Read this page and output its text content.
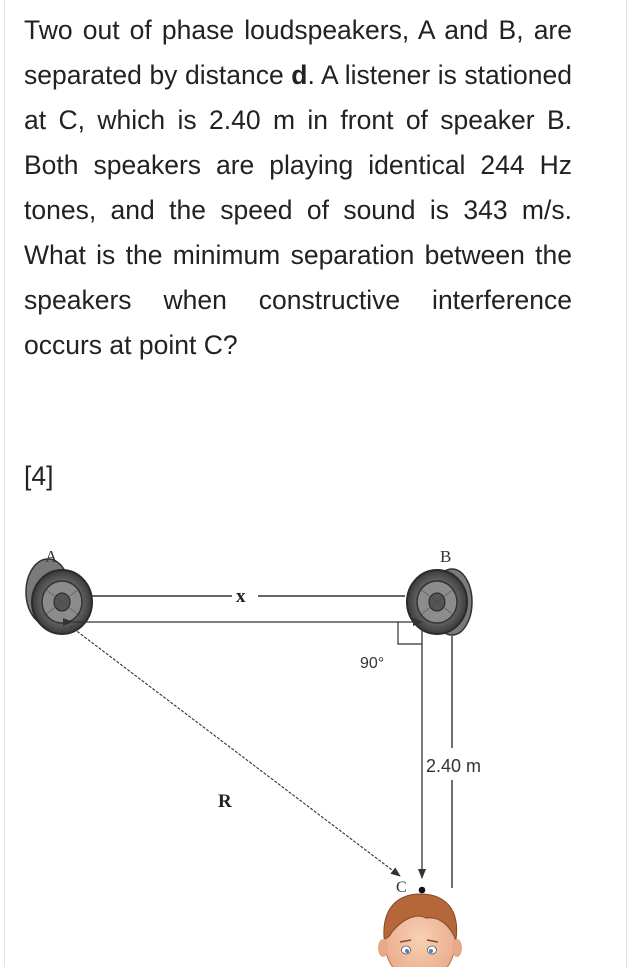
Two out of phase loudspeakers, A and B, are separated by distance d. A listener is stationed at C, which is 2.40 m in front of speaker B. Both speakers are playing identical 244 Hz tones, and the speed of sound is 343 m/s. What is the minimum separation between the speakers when constructive interference occurs at point C?
[4]
A	B
x
90°
2.40 m
R
C
